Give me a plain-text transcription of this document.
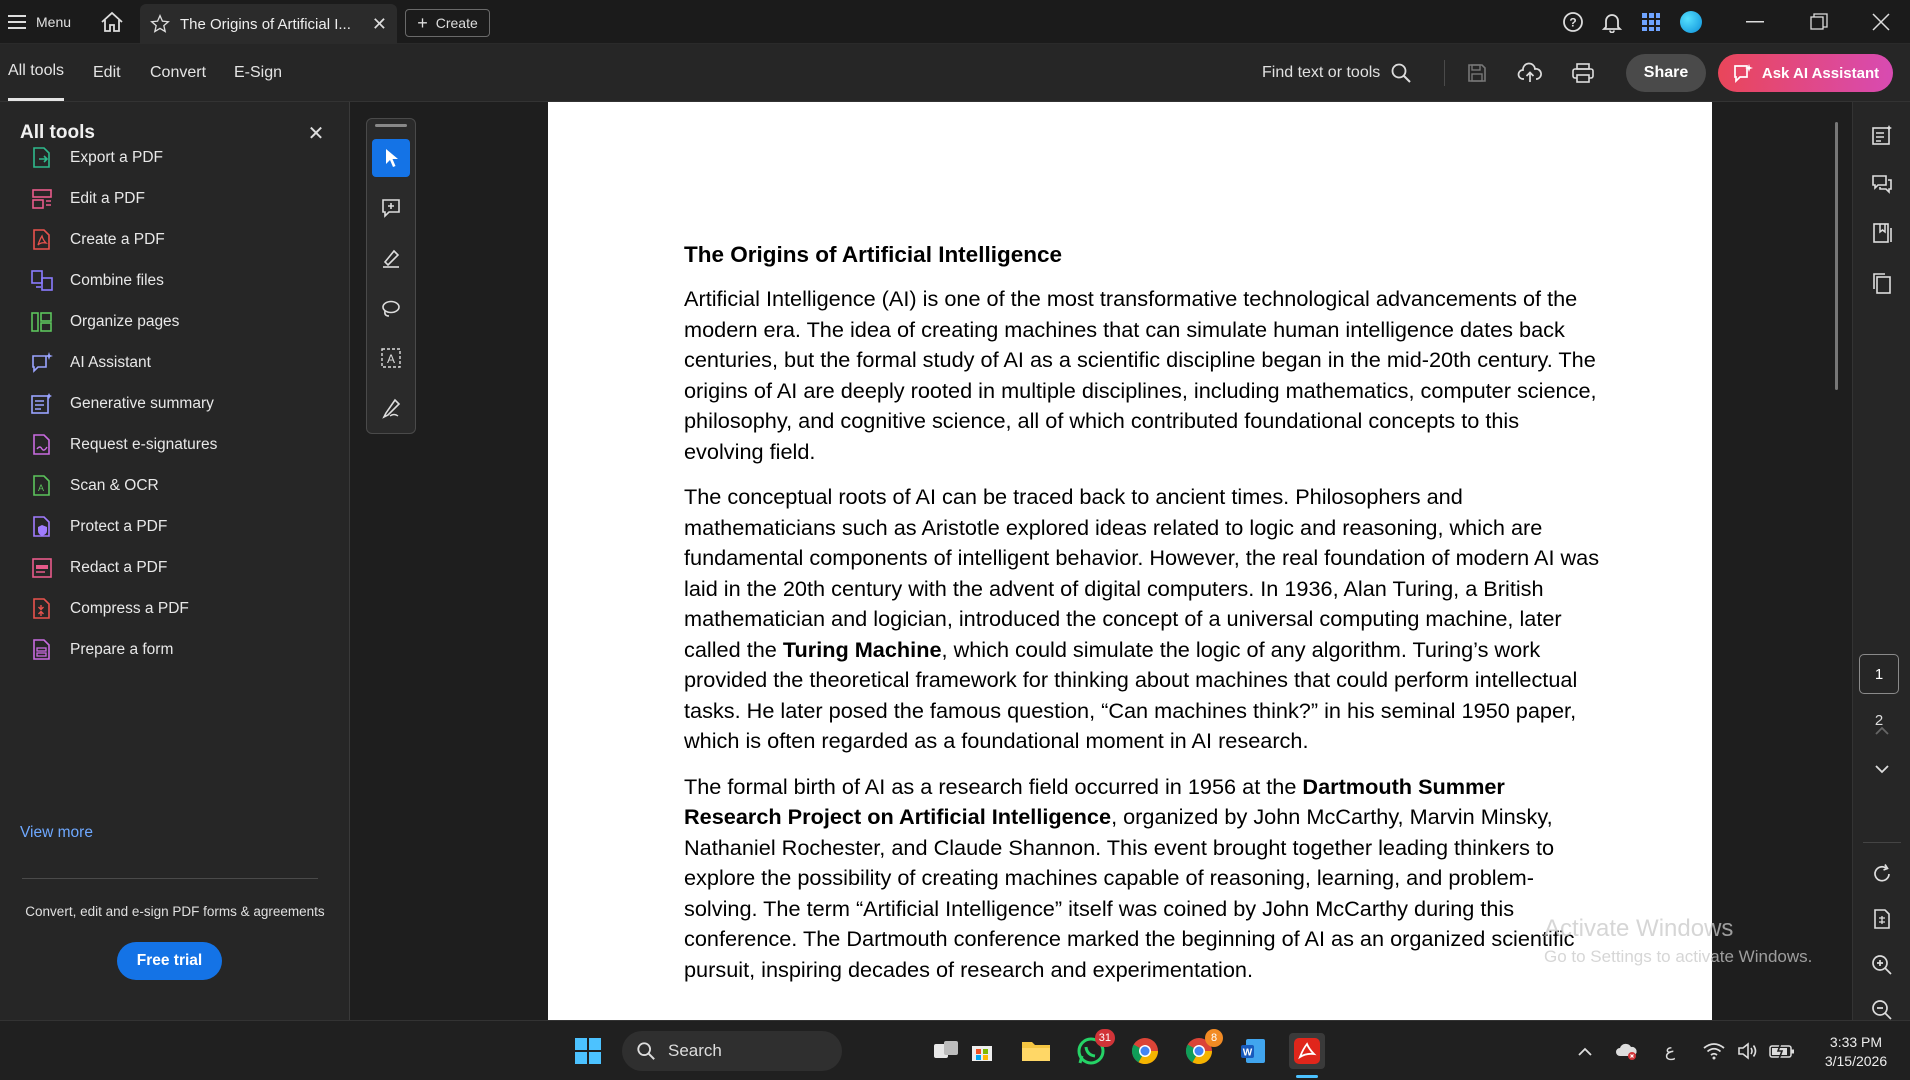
Menu	The Origins of Artificial I...	✕ + Create	?
All tools Edit Convert E-Sign	Find text or tools	Share	Ask AI Assistant
All tools	✕
Export a PDF
Edit a PDF
Create a PDF
Combine files
Organize pages
AI Assistant
Generative summary
Request e-signatures
A Scan & OCR
Protect a PDF
Redact a PDF
Compress a PDF
Prepare a form
View more
Convert, edit and e-sign PDF forms & agreements
Free trial
A
The Origins of Artificial Intelligence

Artificial Intelligence (AI) is one of the most transformative technological advancements of the modern era. The idea of creating machines that can simulate human intelligence dates back centuries, but the formal study of AI as a scientific discipline began in the mid-20th century. The origins of AI are deeply rooted in multiple disciplines, including mathematics, computer science, philosophy, and cognitive science, all of which contributed foundational concepts to this evolving field.

The conceptual roots of AI can be traced back to ancient times. Philosophers and mathematicians such as Aristotle explored ideas related to logic and reasoning, which are fundamental components of intelligent behavior. However, the real foundation of modern AI was laid in the 20th century with the advent of digital computers. In 1936, Alan Turing, a British mathematician and logician, introduced the concept of a universal computing machine, later called the Turing Machine, which could simulate the logic of any algorithm. Turing’s work provided the theoretical framework for thinking about machines that could perform intellectual tasks. He later posed the famous question, “Can machines think?” in his seminal 1950 paper, which is often regarded as a foundational moment in AI research.

The formal birth of AI as a research field occurred in 1956 at the Dartmouth Summer Research Project on Artificial Intelligence, organized by John McCarthy, Marvin Minsky, Nathaniel Rochester, and Claude Shannon. This event brought together leading thinkers to explore the possibility of creating machines capable of reasoning, learning, and problem-solving. The term “Artificial Intelligence” itself was coined by John McCarthy during this conference. The Dartmouth conference marked the beginning of AI as an organized scientific pursuit, inspiring decades of research and experimentation.

1
2
Activate Windows
Go to Settings to activate Windows.
Search
31	8
W	ع	3:33 PM
3/15/2026
